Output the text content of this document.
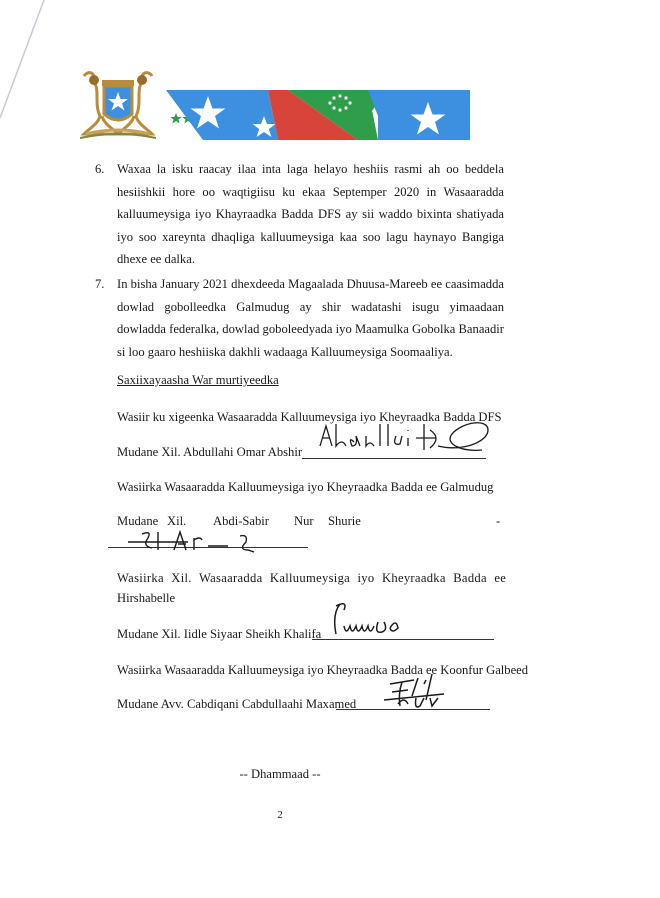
6. Waxaa la isku raacay ilaa inta laga helayo heshiis rasmi ah oo beddela hesiishkii hore oo waqtigiisu ku ekaa Septemper 2020 in Wasaaradda kalluumeysiga iyo Khayraadka Badda DFS ay sii waddo bixinta shatiyada iyo soo xareynta dhaqliga kalluumeysiga kaa soo lagu haynayo Bangiga dhexe ee dalka.
7. In bisha January 2021 dhexdeeda Magaalada Dhuusa-Mareeb ee caasimadda dowlad gobolleedka Galmudug ay shir wadatashi isugu yimaadaan dowladda federalka, dowlad goboleedyada iyo Maamulka Gobolka Banaadir si loo gaaro heshiiska dakhli wadaaga Kalluumeysiga Soomaaliya.
Saxiixayaasha War murtiyeedka
Wasiir ku xigeenka Wasaaradda Kalluumeysiga iyo Kheyraadka Badda DFS
Mudane Xil. Abdullahi Omar Abshir
Wasiirka Wasaaradda Kalluumeysiga iyo Kheyraadka Badda ee Galmudug
Mudane Xil. Abdi-Sabir Nur Shurie	-
Wasiirka Xil. Wasaaradda Kalluumeysiga iyo Kheyraadka Badda ee
Hirshabelle
Mudane Xil. Iidle Siyaar Sheikh Khalifa
Wasiirka Wasaaradda Kalluumeysiga iyo Kheyraadka Badda ee Koonfur Galbeed
Mudane Avv. Cabdiqani Cabdullaahi Maxamed
-- Dhammaad --
2
